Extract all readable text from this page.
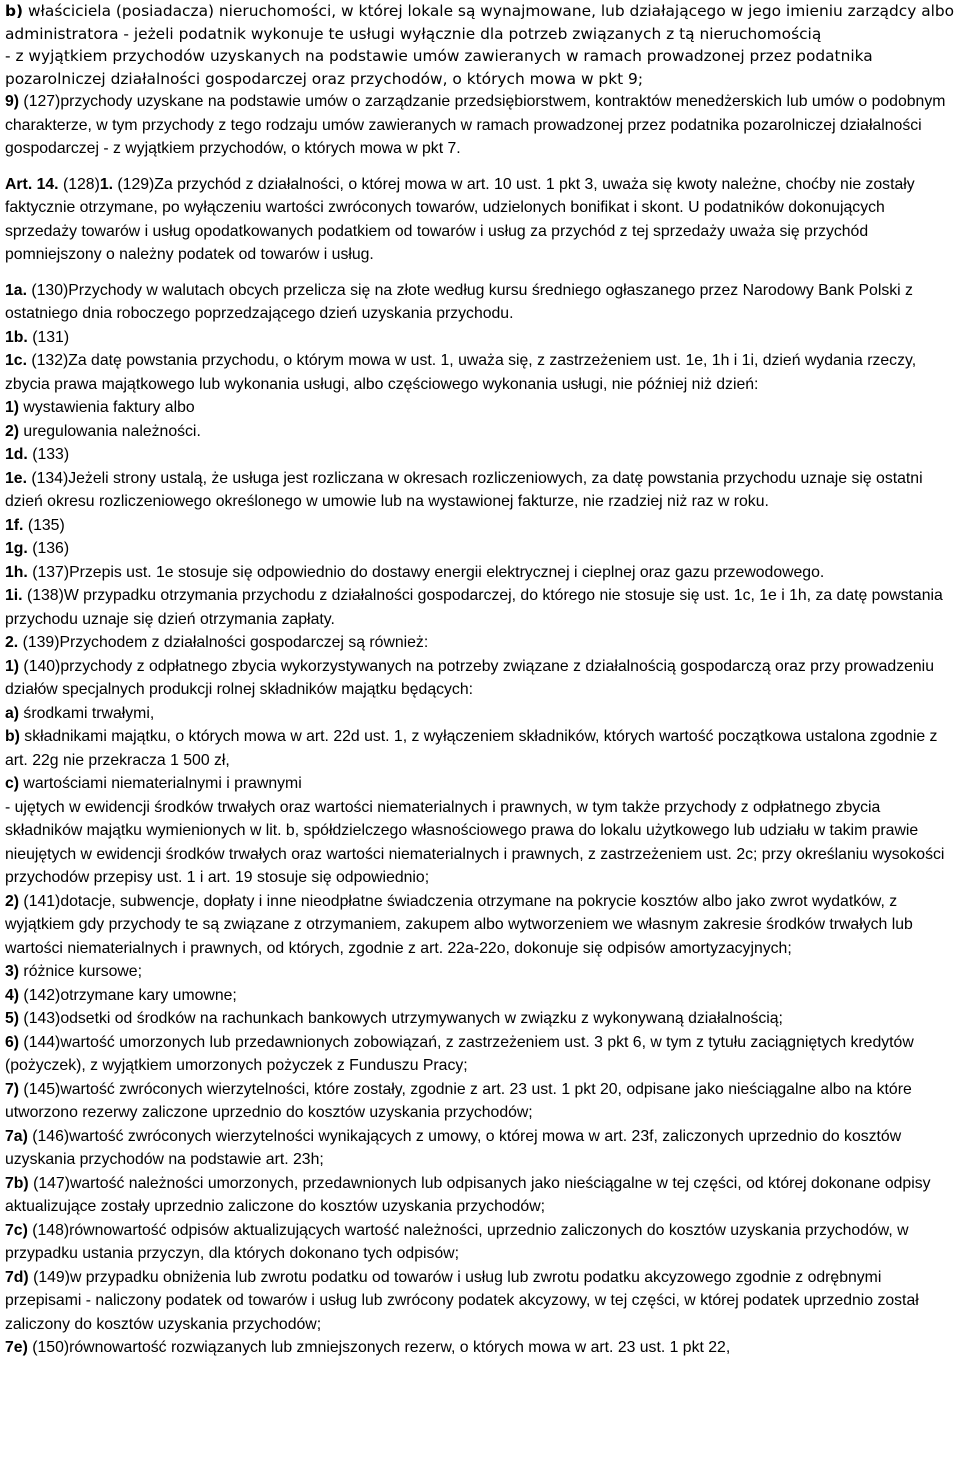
b) właściciela (posiadacza) nieruchomości, w której lokale są wynajmowane, lub działającego w jego imieniu zarządcy albo administratora - jeżeli podatnik wykonuje te usługi wyłącznie dla potrzeb związanych z tą nieruchomością

- z wyjątkiem przychodów uzyskanych na podstawie umów zawieranych w ramach prowadzonej przez podatnika pozarolniczej działalności gospodarczej oraz przychodów, o których mowa w pkt 9;

9) (127)przychody uzyskane na podstawie umów o zarządzanie przedsiębiorstwem, kontraktów menedżerskich lub umów o podobnym charakterze, w tym przychody z tego rodzaju umów zawieranych w ramach prowadzonej przez podatnika pozarolniczej działalności gospodarczej - z wyjątkiem przychodów, o których mowa w pkt 7.

Art. 14. (128)1. (129)Za przychód z działalności, o której mowa w art. 10 ust. 1 pkt 3, uważa się kwoty należne, choćby nie zostały faktycznie otrzymane, po wyłączeniu wartości zwróconych towarów, udzielonych bonifikat i skont. U podatników dokonujących sprzedaży towarów i usług opodatkowanych podatkiem od towarów i usług za przychód z tej sprzedaży uważa się przychód pomniejszony o należny podatek od towarów i usług.

1a. (130)Przychody w walutach obcych przelicza się na złote według kursu średniego ogłaszanego przez Narodowy Bank Polski z ostatniego dnia roboczego poprzedzającego dzień uzyskania przychodu.

1b. (131)

1c. (132)Za datę powstania przychodu, o którym mowa w ust. 1, uważa się, z zastrzeżeniem ust. 1e, 1h i 1i, dzień wydania rzeczy, zbycia prawa majątkowego lub wykonania usługi, albo częściowego wykonania usługi, nie później niż dzień:

1) wystawienia faktury albo

2) uregulowania należności.

1d. (133)

1e. (134)Jeżeli strony ustalą, że usługa jest rozliczana w okresach rozliczeniowych, za datę powstania przychodu uznaje się ostatni dzień okresu rozliczeniowego określonego w umowie lub na wystawionej fakturze, nie rzadziej niż raz w roku.

1f. (135)

1g. (136)

1h. (137)Przepis ust. 1e stosuje się odpowiednio do dostawy energii elektrycznej i cieplnej oraz gazu przewodowego.

1i. (138)W przypadku otrzymania przychodu z działalności gospodarczej, do którego nie stosuje się ust. 1c, 1e i 1h, za datę powstania przychodu uznaje się dzień otrzymania zapłaty.

2. (139)Przychodem z działalności gospodarczej są również:

1) (140)przychody z odpłatnego zbycia wykorzystywanych na potrzeby związane z działalnością gospodarczą oraz przy prowadzeniu działów specjalnych produkcji rolnej składników majątku będących:

a) środkami trwałymi,

b) składnikami majątku, o których mowa w art. 22d ust. 1, z wyłączeniem składników, których wartość początkowa ustalona zgodnie z art. 22g nie przekracza 1 500 zł,

c) wartościami niematerialnymi i prawnymi

- ujętych w ewidencji środków trwałych oraz wartości niematerialnych i prawnych, w tym także przychody z odpłatnego zbycia składników majątku wymienionych w lit. b, spółdzielczego własnościowego prawa do lokalu użytkowego lub udziału w takim prawie nieujętych w ewidencji środków trwałych oraz wartości niematerialnych i prawnych, z zastrzeżeniem ust. 2c; przy określaniu wysokości przychodów przepisy ust. 1 i art. 19 stosuje się odpowiednio;

2) (141)dotacje, subwencje, dopłaty i inne nieodpłatne świadczenia otrzymane na pokrycie kosztów albo jako zwrot wydatków, z wyjątkiem gdy przychody te są związane z otrzymaniem, zakupem albo wytworzeniem we własnym zakresie środków trwałych lub wartości niematerialnych i prawnych, od których, zgodnie z art. 22a-22o, dokonuje się odpisów amortyzacyjnych;

3) różnice kursowe;

4) (142)otrzymane kary umowne;

5) (143)odsetki od środków na rachunkach bankowych utrzymywanych w związku z wykonywaną działalnością;

6) (144)wartość umorzonych lub przedawnionych zobowiązań, z zastrzeżeniem ust. 3 pkt 6, w tym z tytułu zaciągniętych kredytów (pożyczek), z wyjątkiem umorzonych pożyczek z Funduszu Pracy;

7) (145)wartość zwróconych wierzytelności, które zostały, zgodnie z art. 23 ust. 1 pkt 20, odpisane jako nieściągalne albo na które utworzono rezerwy zaliczone uprzednio do kosztów uzyskania przychodów;

7a) (146)wartość zwróconych wierzytelności wynikających z umowy, o której mowa w art. 23f, zaliczonych uprzednio do kosztów uzyskania przychodów na podstawie art. 23h;

7b) (147)wartość należności umorzonych, przedawnionych lub odpisanych jako nieściągalne w tej części, od której dokonane odpisy aktualizujące zostały uprzednio zaliczone do kosztów uzyskania przychodów;

7c) (148)równowartość odpisów aktualizujących wartość należności, uprzednio zaliczonych do kosztów uzyskania przychodów, w przypadku ustania przyczyn, dla których dokonano tych odpisów;

7d) (149)w przypadku obniżenia lub zwrotu podatku od towarów i usług lub zwrotu podatku akcyzowego zgodnie z odrębnymi przepisami - naliczony podatek od towarów i usług lub zwrócony podatek akcyzowy, w tej części, w której podatek uprzednio został zaliczony do kosztów uzyskania przychodów;

7e) (150)równowartość rozwiązanych lub zmniejszonych rezerw, o których mowa w art. 23 ust. 1 pkt 22,
